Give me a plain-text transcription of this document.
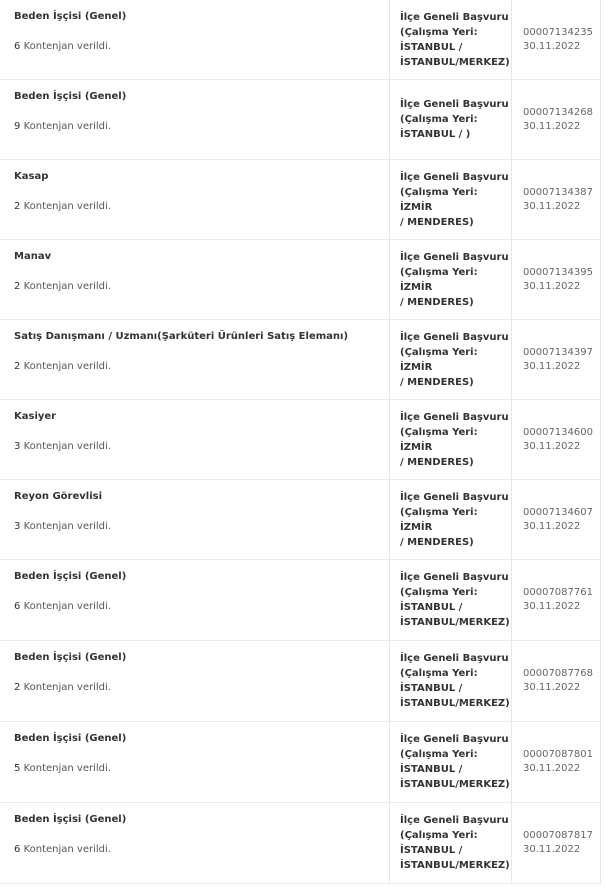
Beden İşçisi (Genel)
6 Kontenjan verildi.
İlçe Geneli Başvuru
(Çalışma Yeri:
İSTANBUL /
İSTANBUL/MERKEZ)
00007134235
30.11.2022
Beden İşçisi (Genel)
9 Kontenjan verildi.
İlçe Geneli Başvuru
(Çalışma Yeri:
İSTANBUL / )
00007134268
30.11.2022
Kasap
2 Kontenjan verildi.
İlçe Geneli Başvuru
(Çalışma Yeri: İZMİR
/ MENDERES)
00007134387
30.11.2022
Manav
2 Kontenjan verildi.
İlçe Geneli Başvuru
(Çalışma Yeri: İZMİR
/ MENDERES)
00007134395
30.11.2022
Satış Danışmanı / Uzmanı(Şarküteri Ürünleri Satış Elemanı)
2 Kontenjan verildi.
İlçe Geneli Başvuru
(Çalışma Yeri: İZMİR
/ MENDERES)
00007134397
30.11.2022
Kasiyer
3 Kontenjan verildi.
İlçe Geneli Başvuru
(Çalışma Yeri: İZMİR
/ MENDERES)
00007134600
30.11.2022
Reyon Görevlisi
3 Kontenjan verildi.
İlçe Geneli Başvuru
(Çalışma Yeri: İZMİR
/ MENDERES)
00007134607
30.11.2022
Beden İşçisi (Genel)
6 Kontenjan verildi.
İlçe Geneli Başvuru
(Çalışma Yeri:
İSTANBUL /
İSTANBUL/MERKEZ)
00007087761
30.11.2022
Beden İşçisi (Genel)
2 Kontenjan verildi.
İlçe Geneli Başvuru
(Çalışma Yeri:
İSTANBUL /
İSTANBUL/MERKEZ)
00007087768
30.11.2022
Beden İşçisi (Genel)
5 Kontenjan verildi.
İlçe Geneli Başvuru
(Çalışma Yeri:
İSTANBUL /
İSTANBUL/MERKEZ)
00007087801
30.11.2022
Beden İşçisi (Genel)
6 Kontenjan verildi.
İlçe Geneli Başvuru
(Çalışma Yeri:
İSTANBUL /
İSTANBUL/MERKEZ)
00007087817
30.11.2022
